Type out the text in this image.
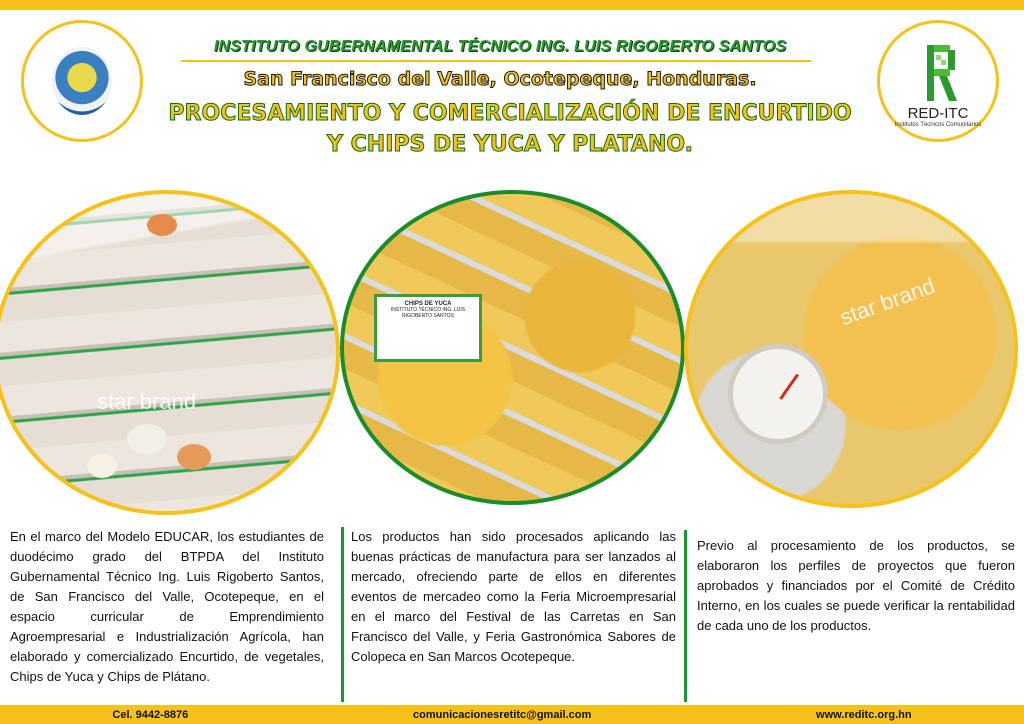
RED-ITC
Institutos Técnicos Comunitarios
INSTITUTO GUBERNAMENTAL TÉCNICO ING. LUIS RIGOBERTO SANTOS
San Francisco del Valle, Ocotepeque, Honduras.
PROCESAMIENTO Y COMERCIALIZACIÓN DE ENCURTIDO
Y CHIPS DE YUCA Y PLATANO.
star brand
CHIPS DE YUCA
INSTITUTO TÉCNICO ING. LUIS RIGOBERTO SANTOS	star brand
En el marco del Modelo EDUCAR, los estudiantes de duodécimo grado del BTPDA del Instituto Gubernamental Técnico Ing. Luis Rigoberto Santos, de San Francisco del Valle, Ocotepeque, en el espacio curricular de Emprendimiento Agroempresarial e Industrialización Agrícola, han elaborado y comercializado Encurtido, de vegetales, Chips de Yuca y Chips de Plátano.
Los productos han sido procesados aplicando las buenas prácticas de manufactura para ser lanzados al mercado, ofreciendo parte de ellos en diferentes eventos de mercadeo como la Feria Microempresarial en el marco del Festival de las Carretas en San Francisco del Valle, y Feria Gastronómica Sabores de Colopeca en San Marcos Ocotepeque.
Previo al procesamiento de los productos, se elaboraron los perfiles de proyectos que fueron aprobados y financiados por el Comité de Crédito Interno, en los cuales se puede verificar la rentabilidad de cada uno de los productos.
Cel. 9442-8876	comunicacionesretitc@gmail.com	www.reditc.org.hn
